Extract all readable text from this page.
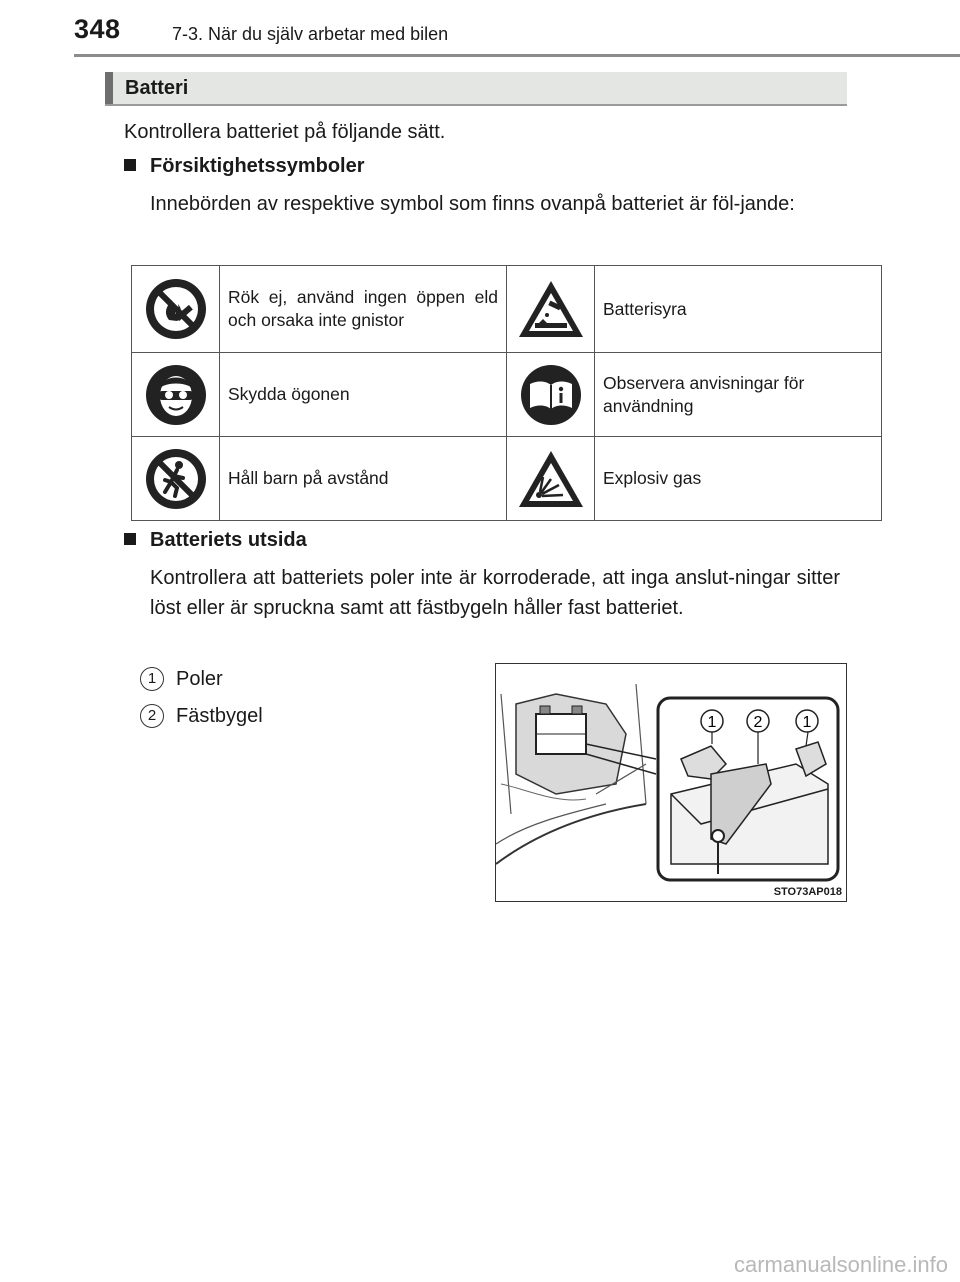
348	7-3. När du själv arbetar med bilen
Batteri
Kontrollera batteriet på följande sätt.
Försiktighetssymboler
Innebörden av respektive symbol som finns ovanpå batteriet är föl-jande:
	Rök ej, använd ingen öppen eld och orsaka inte gnistor		Batterisyra

	Skydda ögonen		Observera anvisningar för användning

	Håll barn på avstånd		Explosiv gas
Batteriets utsida
Kontrollera att batteriets poler inte är korroderade, att inga anslut-ningar sitter löst eller är spruckna samt att fästbygeln håller fast batteriet.
1 Poler
2 Fästbygel	1 2	1
STO73AP018
carmanualsonline.info
